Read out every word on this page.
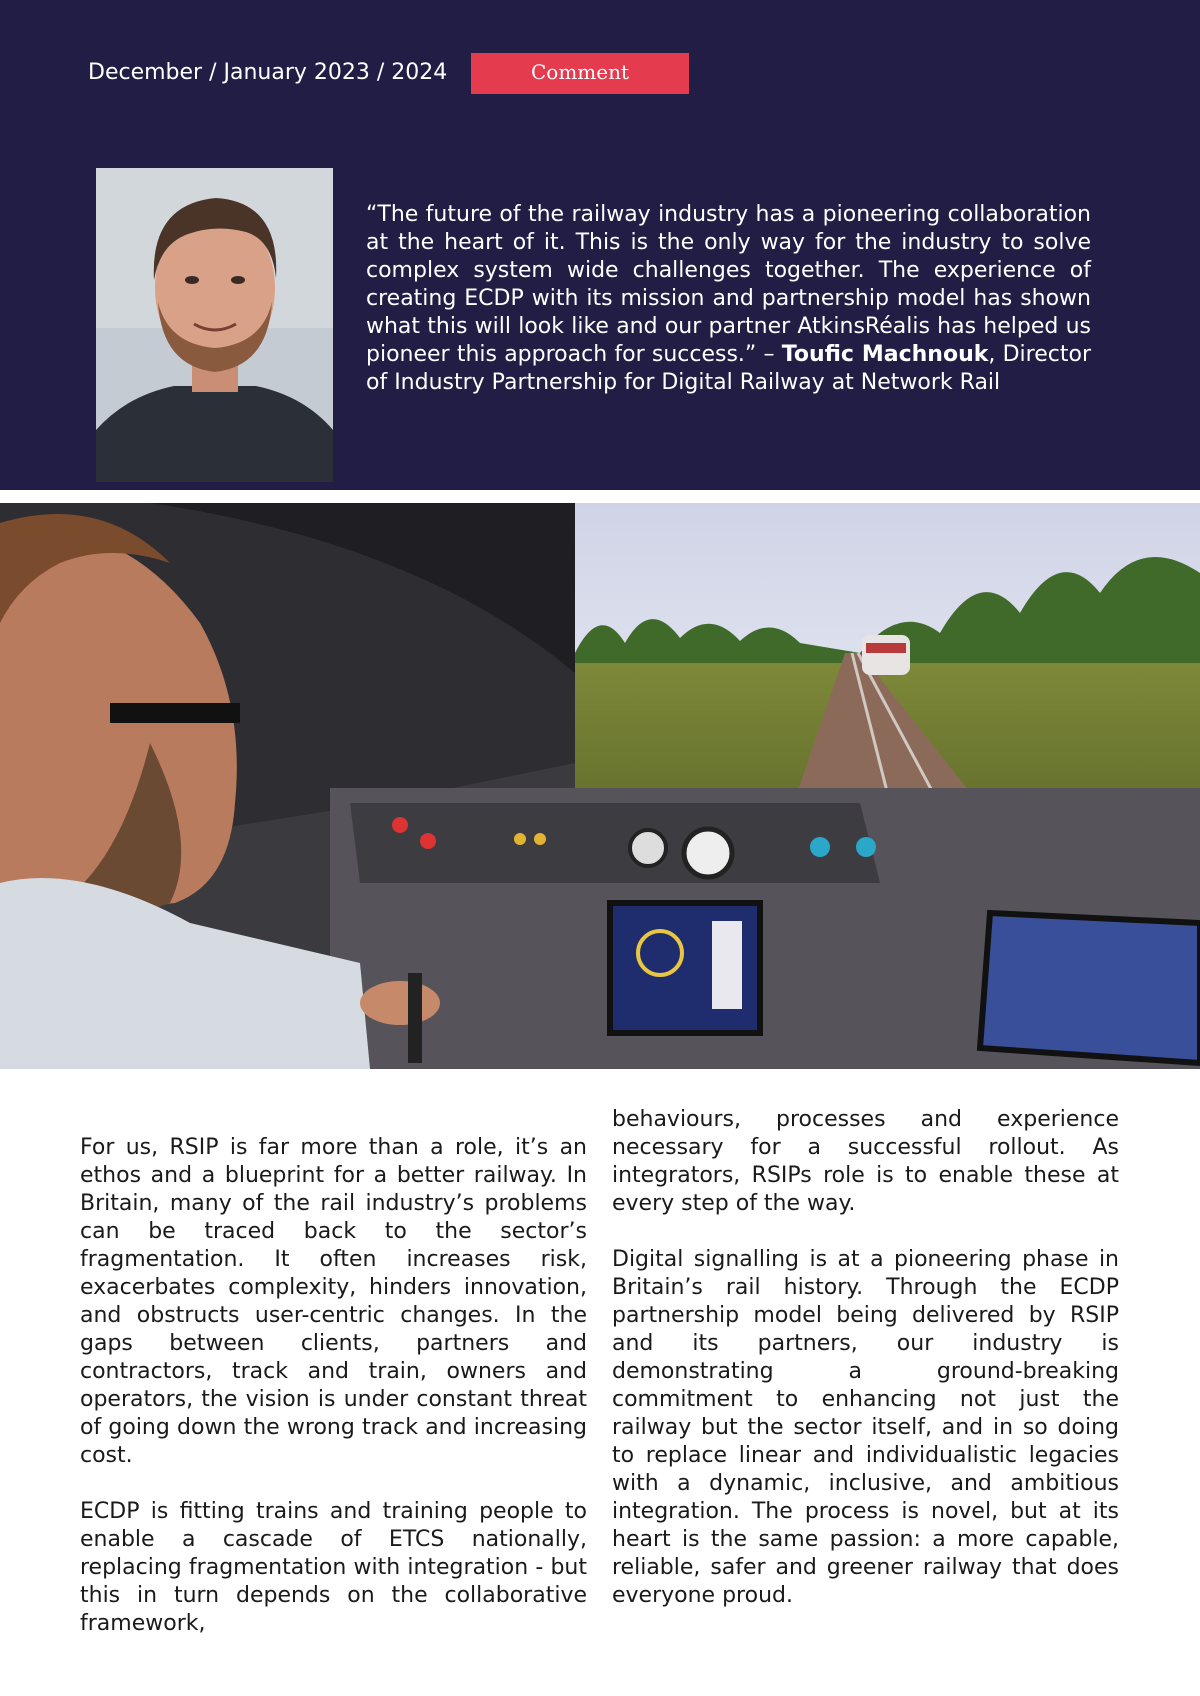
December / January 2023 / 2024	Comment

“The future of the railway industry has a pioneering collaboration at the heart of it. This is the only way for the industry to solve complex system wide challenges together. The experience of creating ECDP with its mission and partnership model has shown what this will look like and our partner AtkinsRéalis has helped us pioneer this approach for success.” – Toufic Machnouk, Director of Industry Partnership for Digital Railway at Network Rail

For us, RSIP is far more than a role, it’s an ethos and a blueprint for a better railway. In Britain, many of the rail industry’s problems can be traced back to the sector’s fragmentation. It often increases risk, exacerbates complexity, hinders innovation, and obstructs user-centric changes. In the gaps between clients, partners and contractors, track and train, owners and operators, the vision is under constant threat of going down the wrong track and increasing cost.

ECDP is fitting trains and training people to enable a cascade of ETCS nationally, replacing fragmentation with integration - but this in turn depends on the collaborative framework,

behaviours, processes and experience necessary for a successful rollout. As integrators, RSIPs role is to enable these at every step of the way.

Digital signalling is at a pioneering phase in Britain’s rail history. Through the ECDP partnership model being delivered by RSIP and its partners, our industry is demonstrating a ground-breaking commitment to enhancing not just the railway but the sector itself, and in so doing to replace linear and individualistic legacies with a dynamic, inclusive, and ambitious integration. The process is novel, but at its heart is the same passion: a more capable, reliable, safer and greener railway that does everyone proud.
